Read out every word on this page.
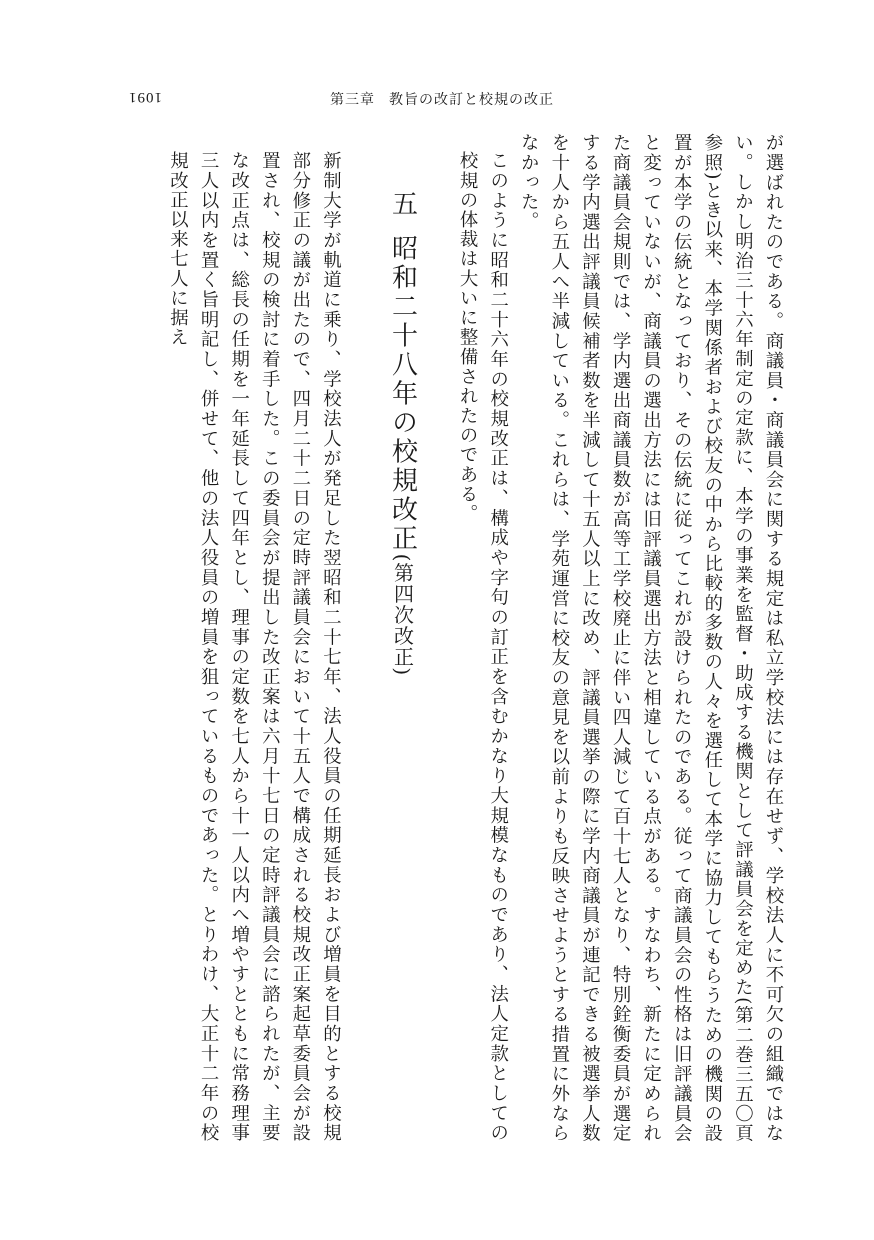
1091	第三章 教旨の改訂と校規の改正

が選ばれたのである。商議員・商議員会に関する規定は私立学校法には存在せず、学校法人に不可欠の組織ではない。しかし明治三十六年制定の定款に、本学の事業を監督・助成する機関として評議員会を定めた(第二巻三五〇頁参照)とき以来、本学関係者および校友の中から比較的多数の人々を選任して本学に協力してもらうための機関の設置が本学の伝統となっており、その伝統に従ってこれが設けられたのである。従って商議員会の性格は旧評議員会と変っていないが、商議員の選出方法には旧評議員選出方法と相違している点がある。すなわち、新たに定められた商議員会規則では、学内選出商議員数が高等工学校廃止に伴い四人減じて百十七人となり、特別銓衡委員が選定する学内選出評議員候補者数を半減して十五人以上に改め、評議員選挙の際に学内商議員が連記できる被選挙人数を十人から五人へ半減している。これらは、学苑運営に校友の意見を以前よりも反映させようとする措置に外ならなかった。

このように昭和二十六年の校規改正は、構成や字句の訂正を含むかなり大規模なものであり、法人定款としての校規の体裁は大いに整備されたのである。

五昭和二十八年の校規改正(第四次改正)

新制大学が軌道に乗り、学校法人が発足した翌昭和二十七年、法人役員の任期延長および増員を目的とする校規部分修正の議が出たので、四月二十二日の定時評議員会において十五人で構成される校規改正案起草委員会が設置され、校規の検討に着手した。この委員会が提出した改正案は六月十七日の定時評議員会に諮られたが、主要な改正点は、総長の任期を一年延長して四年とし、理事の定数を七人から十一人以内へ増やすとともに常務理事三人以内を置く旨明記し、併せて、他の法人役員の増員を狙っているものであった。とりわけ、大正十二年の校規改正以来七人に据え
